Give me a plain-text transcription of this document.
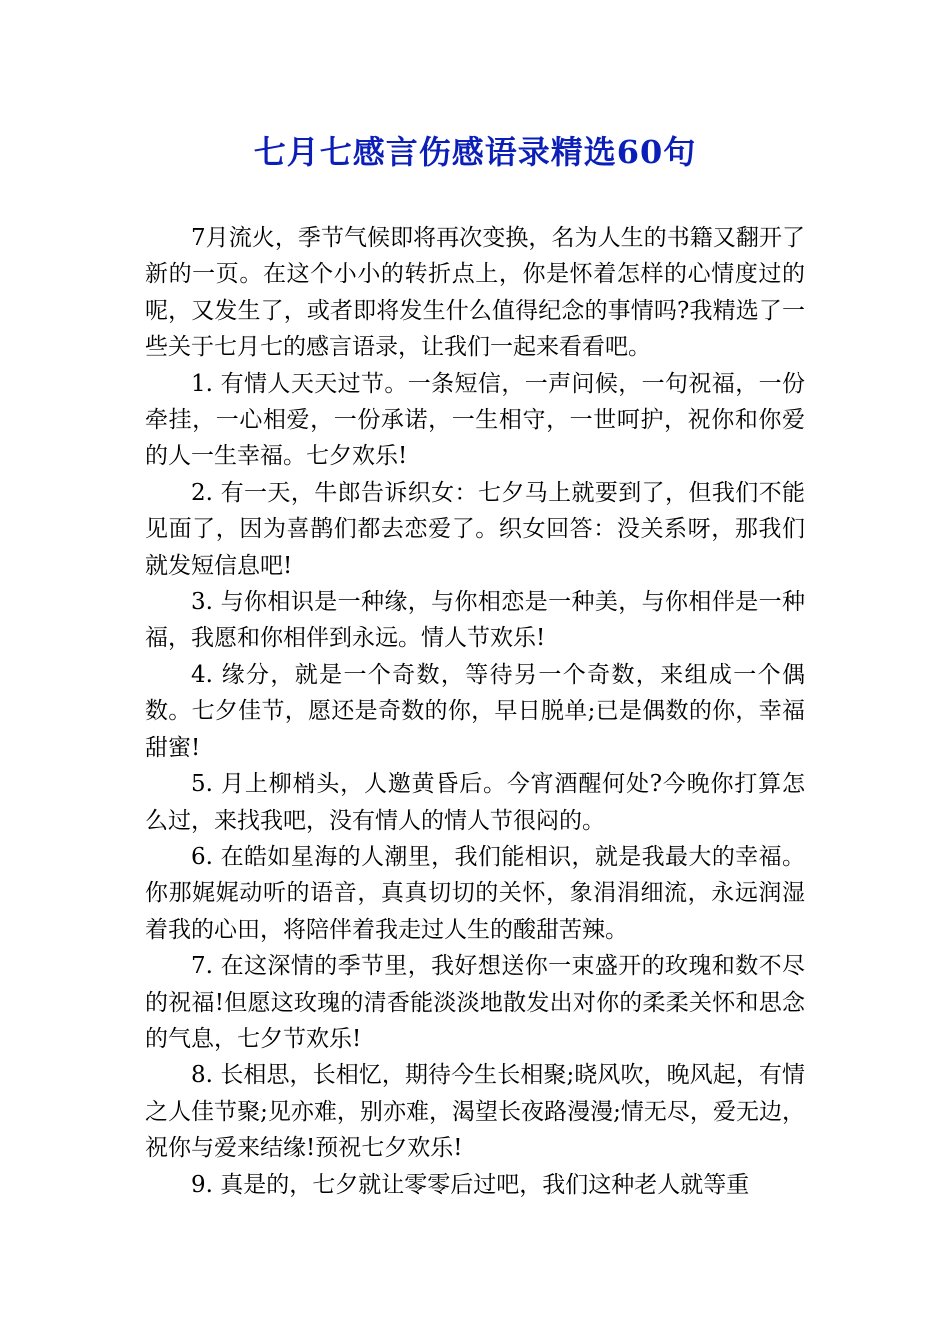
七月七感言伤感语录精选60句

7月流火，季节气候即将再次变换，名为人生的书籍又翻开了新的一页。在这个小小的转折点上，你是怀着怎样的心情度过的呢，又发生了，或者即将发生什么值得纪念的事情吗?我精选了一些关于七月七的感言语录，让我们一起来看看吧。

1. 有情人天天过节。一条短信，一声问候，一句祝福，一份牵挂，一心相爱，一份承诺，一生相守，一世呵护，祝你和你爱的人一生幸福。七夕欢乐!

2. 有一天，牛郎告诉织女：七夕马上就要到了，但我们不能见面了，因为喜鹊们都去恋爱了。织女回答：没关系呀，那我们就发短信息吧!

3. 与你相识是一种缘，与你相恋是一种美，与你相伴是一种福，我愿和你相伴到永远。情人节欢乐!

4. 缘分，就是一个奇数，等待另一个奇数，来组成一个偶数。七夕佳节，愿还是奇数的你，早日脱单;已是偶数的你，幸福甜蜜!

5. 月上柳梢头，人邀黄昏后。今宵酒醒何处?今晚你打算怎么过，来找我吧，没有情人的情人节很闷的。

6. 在皓如星海的人潮里，我们能相识，就是我最大的幸福。你那娓娓动听的语音，真真切切的关怀，象涓涓细流，永远润湿着我的心田，将陪伴着我走过人生的酸甜苦辣。

7. 在这深情的季节里，我好想送你一束盛开的玫瑰和数不尽的祝福!但愿这玫瑰的清香能淡淡地散发出对你的柔柔关怀和思念的气息，七夕节欢乐!

8. 长相思，长相忆，期待今生长相聚;晓风吹，晚风起，有情之人佳节聚;见亦难，别亦难，渴望长夜路漫漫;情无尽，爱无边，祝你与爱来结缘!预祝七夕欢乐!

9. 真是的，七夕就让零零后过吧，我们这种老人就等重
